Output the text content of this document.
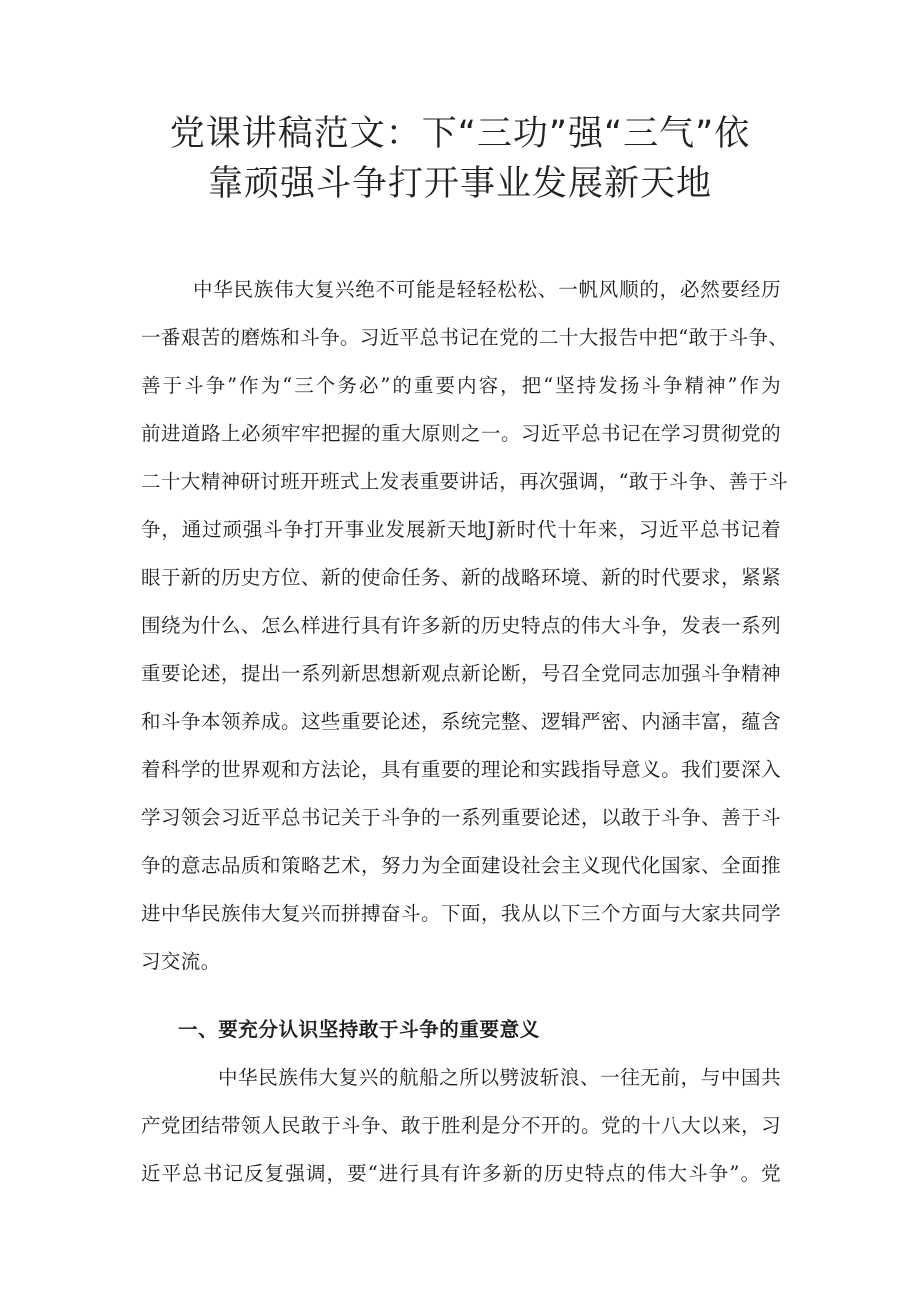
党课讲稿范文：下“三功”强“三气”依
靠顽强斗争打开事业发展新天地
中华民族伟大复兴绝不可能是轻轻松松、一帆风顺的，必然要经历
一番艰苦的磨炼和斗争。习近平总书记在党的二十大报告中把“敢于斗争、
善于斗争”作为“三个务必”的重要内容，把“坚持发扬斗争精神”作为
前进道路上必须牢牢把握的重大原则之一。习近平总书记在学习贯彻党的
二十大精神研讨班开班式上发表重要讲话，再次强调，“敢于斗争、善于斗
争，通过顽强斗争打开事业发展新天地J新时代十年来，习近平总书记着
眼于新的历史方位、新的使命任务、新的战略环境、新的时代要求，紧紧
围绕为什么、怎么样进行具有许多新的历史特点的伟大斗争，发表一系列
重要论述，提出一系列新思想新观点新论断，号召全党同志加强斗争精神
和斗争本领养成。这些重要论述，系统完整、逻辑严密、内涵丰富，蕴含
着科学的世界观和方法论，具有重要的理论和实践指导意义。我们要深入
学习领会习近平总书记关于斗争的一系列重要论述，以敢于斗争、善于斗
争的意志品质和策略艺术，努力为全面建设社会主义现代化国家、全面推
进中华民族伟大复兴而拼搏奋斗。下面，我从以下三个方面与大家共同学
习交流。
一、要充分认识坚持敢于斗争的重要意义
中华民族伟大复兴的航船之所以劈波斩浪、一往无前，与中国共
产党团结带领人民敢于斗争、敢于胜利是分不开的。党的十八大以来，习
近平总书记反复强调，要“进行具有许多新的历史特点的伟大斗争”。党
